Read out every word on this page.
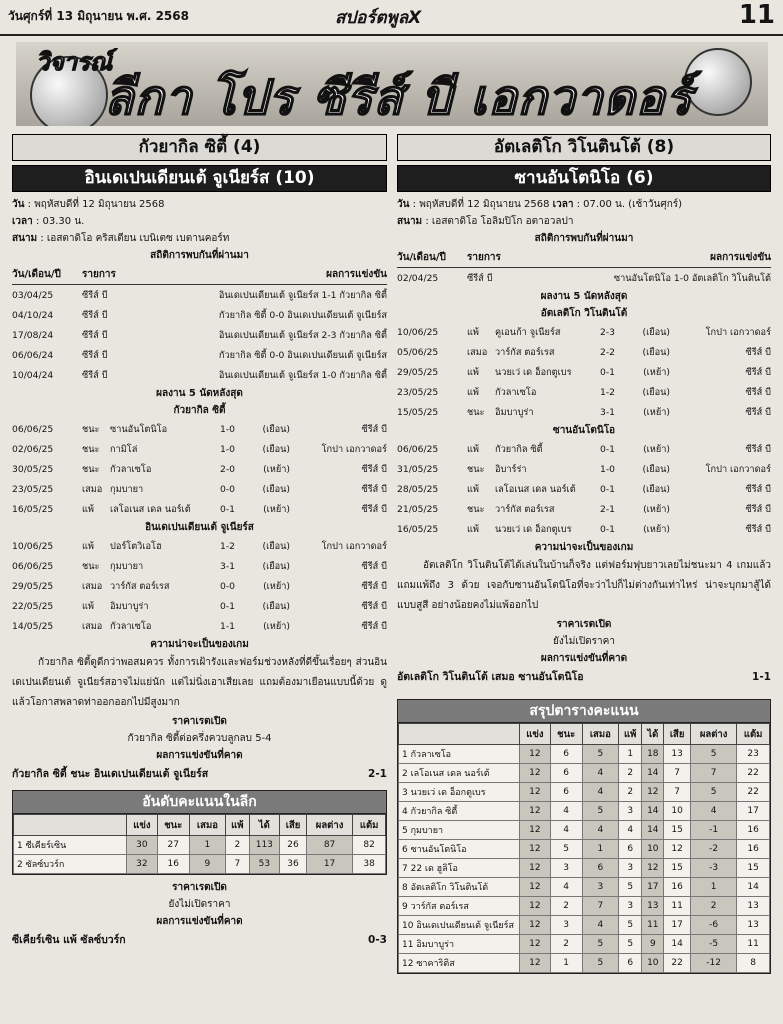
วันศุกร์ที่ 13 มิถุนายน พ.ศ. 2568	สปอร์ตพูลX	11
วิจารณ์
ลีกา โปร ซีรีส์ บี เอกวาดอร์
กัวยากิล ซิตี้ (4)
อินเดเปนเดียนเต้ จูเนียร์ส (10)
วัน : พฤหัสบดีที่ 12 มิถุนายน 2568
เวลา : 03.30 น.
สนาม : เอสตาดิโอ คริสเตียน เบนิเตซ เบตานคอร์ท
สถิติการพบกันที่ผ่านมา
วัน/เดือน/ปี	รายการ	ผลการแข่งขัน
03/04/25	ซีรีส์ บี	อินเดเปนเดียนเต้ จูเนียร์ส 1-1 กัวยากิล ซิตี้
04/10/24	ซีรีส์ บี	กัวยากิล ซิตี้ 0-0 อินเดเปนเดียนเต้ จูเนียร์ส
17/08/24	ซีรีส์ บี	อินเดเปนเดียนเต้ จูเนียร์ส 2-3 กัวยากิล ซิตี้
06/06/24	ซีรีส์ บี	กัวยากิล ซิตี้ 0-0 อินเดเปนเดียนเต้ จูเนียร์ส
10/04/24	ซีรีส์ บี	อินเดเปนเดียนเต้ จูเนียร์ส 1-0 กัวยากิล ซิตี้
ผลงาน 5 นัดหลังสุด
กัวยากิล ซิตี้
06/06/25	ชนะ	ซานอันโตนิโอ	1-0	(เยือน)	ซีรีส์ บี
02/06/25	ชนะ	กามิโล่	1-0	(เยือน)	โกปา เอกวาดอร์
30/05/25	ชนะ	กัวลาเซโอ	2-0	(เหย้า)	ซีรีส์ บี
23/05/25	เสมอ	กุมบายา	0-0	(เยือน)	ซีรีส์ บี
16/05/25	แพ้	เลโอเนส เดล นอร์เต้	0-1	(เหย้า)	ซีรีส์ บี
อินเดเปนเดียนเต้ จูเนียร์ส
10/06/25	แพ้	ปอร์โตวิเอโฮ	1-2	(เยือน)	โกปา เอกวาดอร์
06/06/25	ชนะ	กุมบายา	3-1	(เยือน)	ซีรีส์ บี
29/05/25	เสมอ	วาร์กัส ตอร์เรส	0-0	(เหย้า)	ซีรีส์ บี
22/05/25	แพ้	อิมบาบูร่า	0-1	(เยือน)	ซีรีส์ บี
14/05/25	เสมอ	กัวลาเซโอ	1-1	(เหย้า)	ซีรีส์ บี
ความน่าจะเป็นของเกม
กัวยากิล ซิตี้ดูดีกว่าพอสมควร ทั้งการเฝ้ารังและฟอร์มช่วงหลังที่ดีขึ้นเรื่อยๆ ส่วนอินเดเปนเดียนเต้ จูเนียร์สอาจไม่แย่นัก แต่ไม่นิ่งเอาเสียเลย แถมต้องมาเยือนแบบนี้ด้วย ดูแล้วโอกาสพลาดท่าออกออกไปมีสูงมาก
ราคาเรตเปิด
กัวยากิล ซิตี้ต่อครึ่งควบลูกลบ 5-4
ผลการแข่งขันที่คาด
กัวยากิล ซิตี้ ชนะ อินเดเปนเดียนเต้ จูเนียร์ส	2-1
อันดับคะแนนในลีก
	แข่ง	ชนะ	เสมอ	แพ้	ได้	เสีย	ผลต่าง	แต้ม
1 ซีเคียร์เซิน	30	27	1	2	113	26	87	82
2 ซัลซ์บวร์ก	32	16	9	7	53	36	17	38
ราคาเรตเปิด
ยังไม่เปิดราคา
ผลการแข่งขันที่คาด
ซีเคียร์เซิน แพ้ ซัลซ์บวร์ก	0-3
อัตเลติโก วิโนตินโต้ (8)
ซานอันโตนิโอ (6)
วัน : พฤหัสบดีที่ 12 มิถุนายน 2568 เวลา : 07.00 น. (เช้าวันศุกร์)
สนาม : เอสตาดิโอ โอลิมปิโก อตาอวลปา
สถิติการพบกันที่ผ่านมา
วัน/เดือน/ปี	รายการ	ผลการแข่งขัน
02/04/25	ซีรีส์ บี	ซานอันโตนิโอ 1-0 อัตเลติโก วิโนตินโต้
ผลงาน 5 นัดหลังสุด
อัตเลติโก วิโนตินโต้
10/06/25	แพ้	คูเอนก้า จูเนียร์ส	2-3	(เยือน)	โกปา เอกวาดอร์
05/06/25	เสมอ	วาร์กัส ตอร์เรส	2-2	(เยือน)	ซีรีส์ บี
29/05/25	แพ้	นวยเว่ เด อ็อกตูเบร	0-1	(เหย้า)	ซีรีส์ บี
23/05/25	แพ้	กัวลาเซโอ	1-2	(เยือน)	ซีรีส์ บี
15/05/25	ชนะ	อิมบาบูร่า	3-1	(เหย้า)	ซีรีส์ บี
ซานอันโตนิโอ
06/06/25	แพ้	กัวยากิล ซิตี้	0-1	(เหย้า)	ซีรีส์ บี
31/05/25	ชนะ	อิบาร์ร่า	1-0	(เยือน)	โกปา เอกวาดอร์
28/05/25	แพ้	เลโอเนส เดล นอร์เต้	0-1	(เยือน)	ซีรีส์ บี
21/05/25	ชนะ	วาร์กัส ตอร์เรส	2-1	(เหย้า)	ซีรีส์ บี
16/05/25	แพ้	นวยเว่ เด อ็อกตูเบร	0-1	(เหย้า)	ซีรีส์ บี
ความน่าจะเป็นของเกม
อัตเลติโก วิโนตินโต้ได้เล่นในบ้านก็จริง แต่ฟอร์มฟุบยาวเลยไม่ชนะมา 4 เกมแล้ว แถมแพ้ถึง 3 ด้วย เจอกับซานอันโตนิโอที่จะว่าไปก็ไม่ต่างกันเท่าไหร่ น่าจะบุกมาสู้ได้แบบสูสี อย่างน้อยคงไม่แพ้ออกไป
ราคาเรตเปิด
ยังไม่เปิดราคา
ผลการแข่งขันที่คาด
อัตเลติโก วิโนตินโต้ เสมอ ซานอันโตนิโอ	1-1
สรุปตารางคะแนน
	แข่ง	ชนะ	เสมอ	แพ้	ได้	เสีย	ผลต่าง	แต้ม
1 กัวลาเซโอ	12	6	5	1	18	13	5	23
2 เลโอเนส เดล นอร์เต้	12	6	4	2	14	7	7	22
3 นวยเว่ เด อ็อกตูเบร	12	6	4	2	12	7	5	22
4 กัวยากิล ซิตี้	12	4	5	3	14	10	4	17
5 กุมบายา	12	4	4	4	14	15	-1	16
6 ซานอันโตนิโอ	12	5	1	6	10	12	-2	16
7 22 เด ฮูลิโอ	12	3	6	3	12	15	-3	15
8 อัตเลติโก วิโนตินโต้	12	4	3	5	17	16	1	14
9 วาร์กัส ตอร์เรส	12	2	7	3	13	11	2	13
10 อินเดเปนเดียนเต้ จูเนียร์ส	12	3	4	5	11	17	-6	13
11 อิมบาบูร่า	12	2	5	5	9	14	-5	11
12 ซาคาริติส	12	1	5	6	10	22	-12	8
